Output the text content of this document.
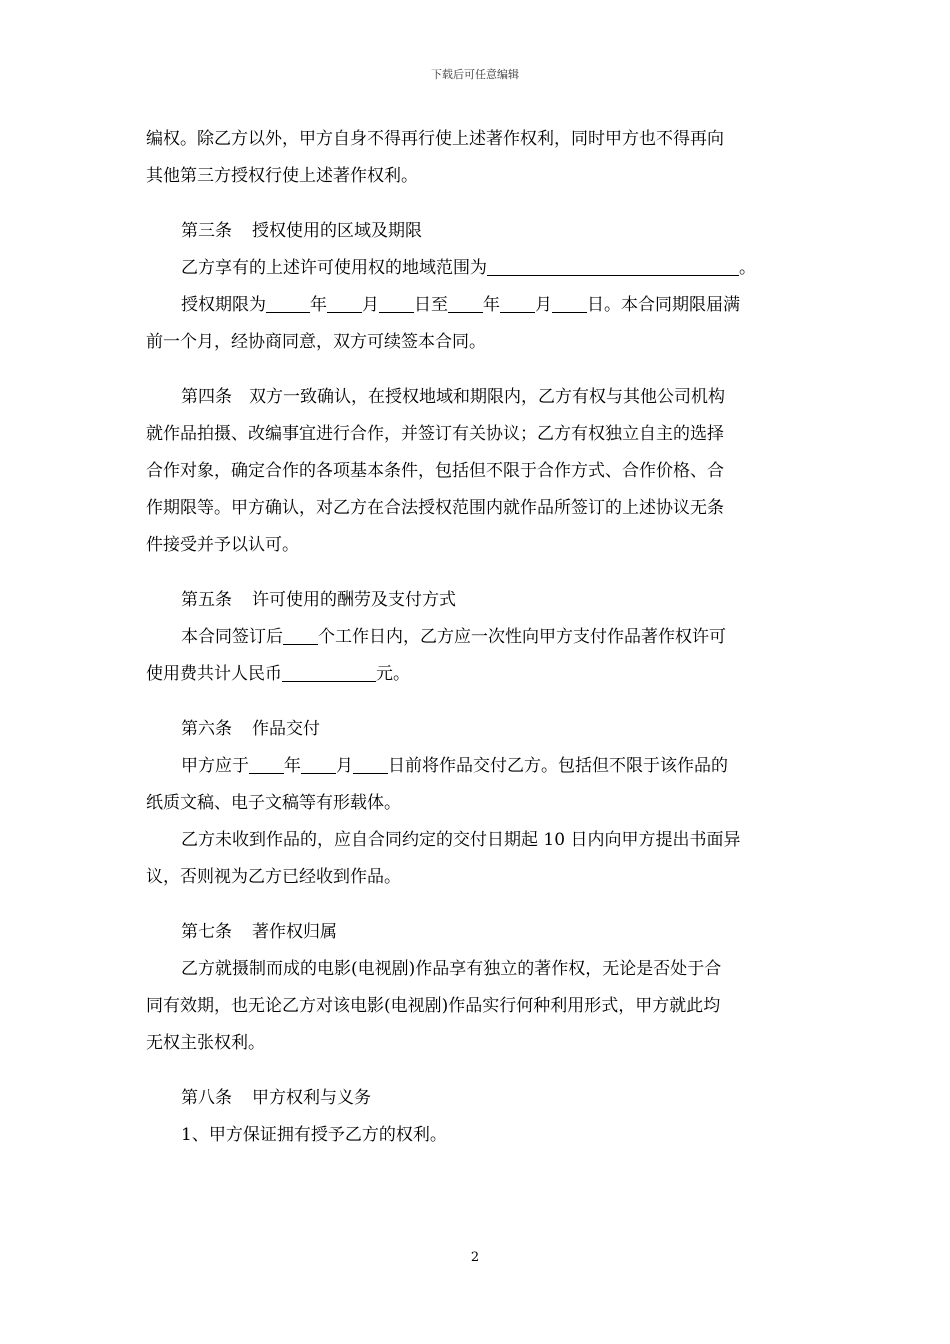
下载后可任意编辑

编权。除乙方以外，甲方自身不得再行使上述著作权利，同时甲方也不得再向

其他第三方授权行使上述著作权利。

第三条 授权使用的区域及期限

乙方享有的上述许可使用权的地域范围为	。

授权期限为	年 月 日至 年 月 日。本合同期限届满

前一个月，经协商同意，双方可续签本合同。

第四条　双方一致确认，在授权地域和期限内，乙方有权与其他公司机构

就作品拍摄、改编事宜进行合作，并签订有关协议；乙方有权独立自主的选择

合作对象，确定合作的各项基本条件，包括但不限于合作方式、合作价格、合

作期限等。甲方确认，对乙方在合法授权范围内就作品所签订的上述协议无条

件接受并予以认可。

第五条 许可使用的酬劳及支付方式

本合同签订后 个工作日内，乙方应一次性向甲方支付作品著作权许可

使用费共计人民币	元。

第六条 作品交付

甲方应于 年 月 日前将作品交付乙方。包括但不限于该作品的

纸质文稿、电子文稿等有形载体。

乙方未收到作品的，应自合同约定的交付日期起 10 日内向甲方提出书面异

议，否则视为乙方已经收到作品。

第七条 著作权归属

乙方就摄制而成的电影(电视剧)作品享有独立的著作权，无论是否处于合

同有效期，也无论乙方对该电影(电视剧)作品实行何种利用形式，甲方就此均

无权主张权利。

第八条 甲方权利与义务

1、甲方保证拥有授予乙方的权利。

2
